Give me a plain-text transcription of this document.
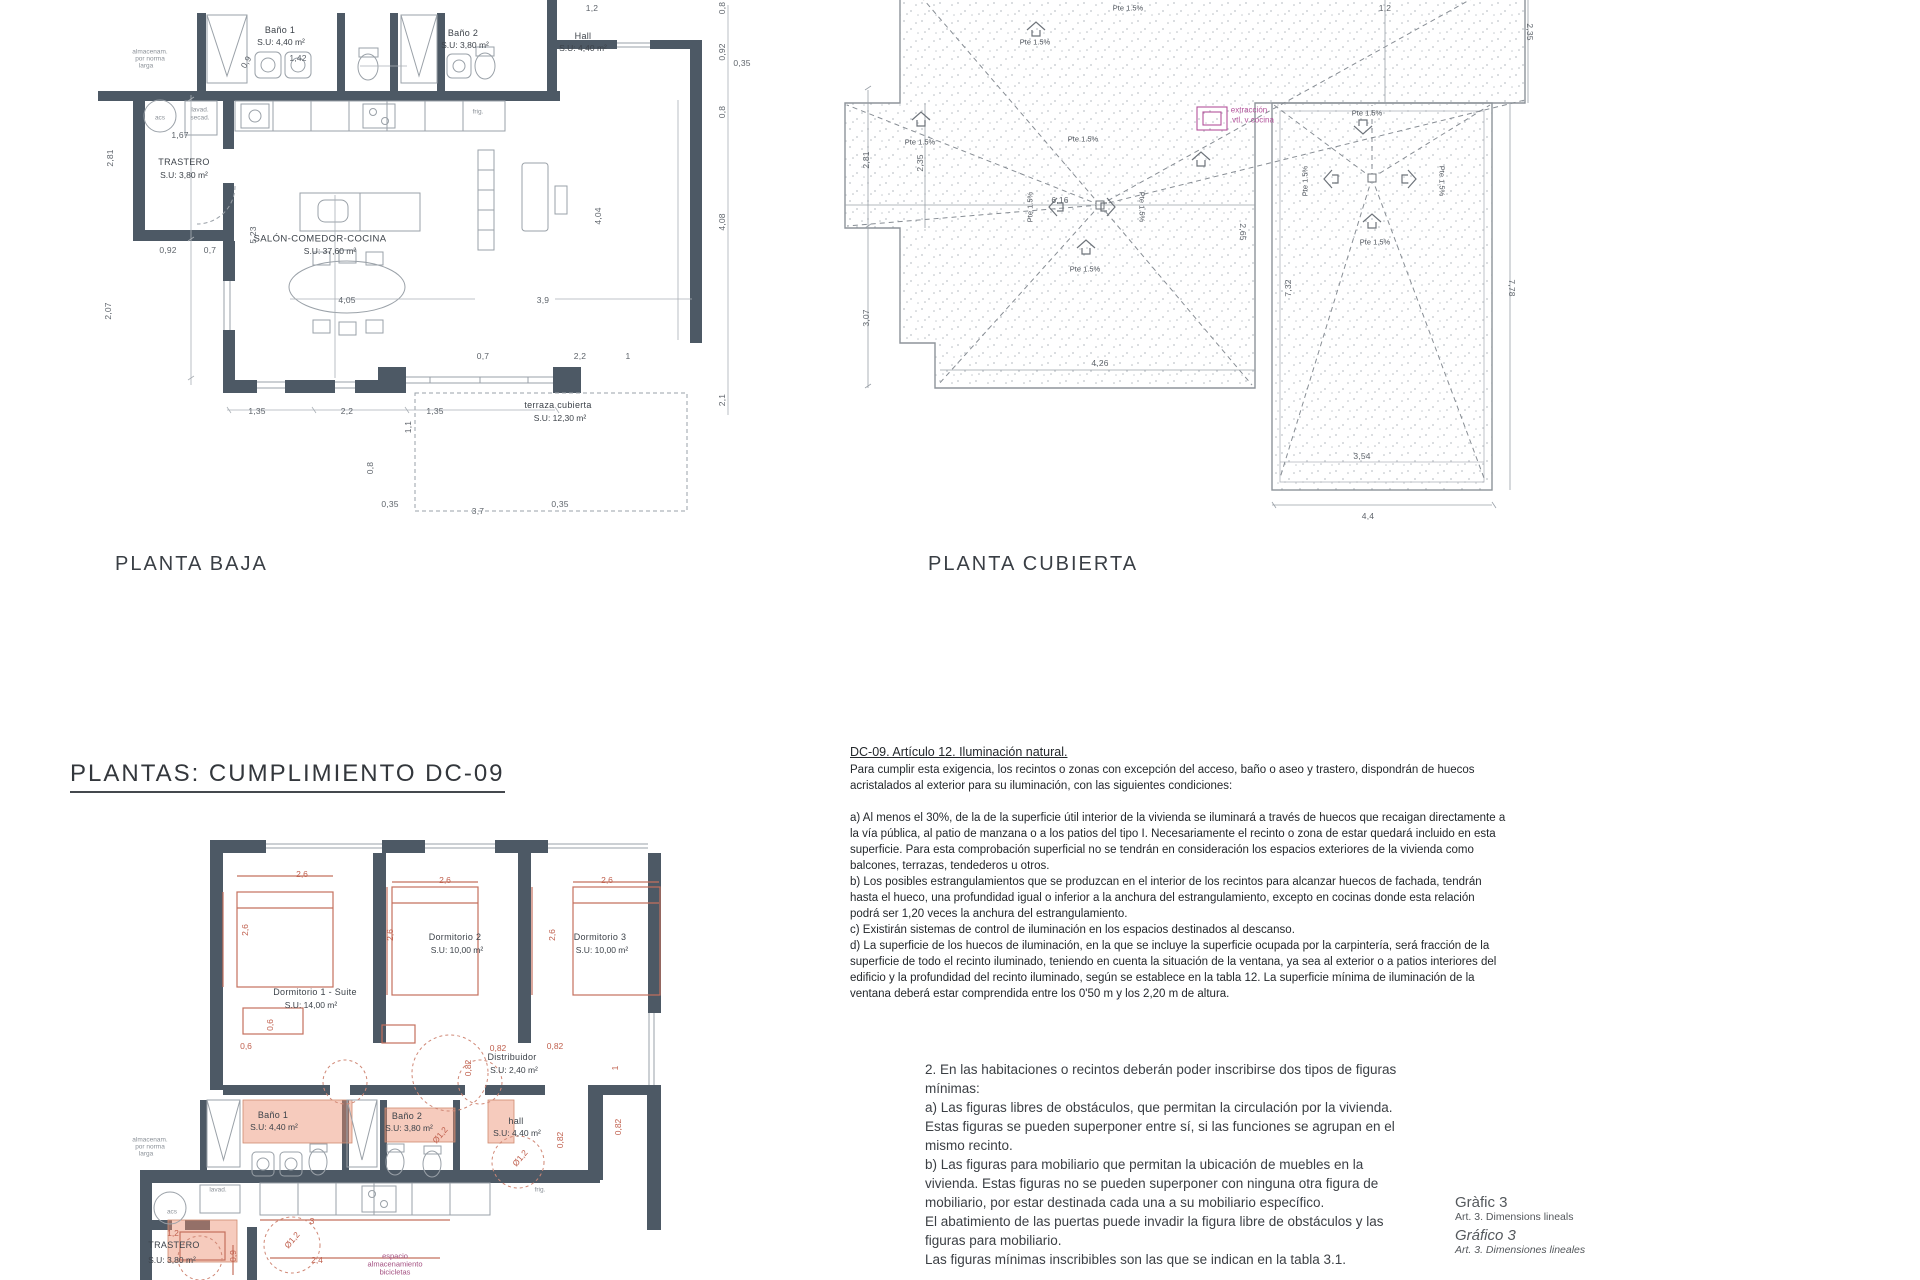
PLANTA BAJA	PLANTA CUBIERTA
PLANTAS: CUMPLIMIENTO DC-09

DC-09. Artículo 12. Iluminación natural.

Para cumplir esta exigencia, los recintos o zonas con excepción del acceso, baño o aseo y trastero, dispondrán de huecos acristalados al exterior para su iluminación, con las siguientes condiciones:

a) Al menos el 30%, de la de la superficie útil interior de la vivienda se iluminará a través de huecos que recaigan directamente a la vía pública, al patio de manzana o a los patios del tipo I. Necesariamente el recinto o zona de estar quedará incluido en esta superficie. Para esta comprobación superficial no se tendrán en consideración los espacios exteriores de la vivienda como balcones, terrazas, tendederos u otros.

b) Los posibles estrangulamientos que se produzcan en el interior de los recintos para alcanzar huecos de fachada, tendrán hasta el hueco, una profundidad igual o inferior a la anchura del estrangulamiento, excepto en cocinas donde esta relación podrá ser 1,20 veces la anchura del estrangulamiento.

c) Existirán sistemas de control de iluminación en los espacios destinados al descanso.

d) La superficie de los huecos de iluminación, en la que se incluye la superficie ocupada por la carpintería, será fracción de la superficie de todo el recinto iluminado, teniendo en cuenta la situación de la ventana, ya sea al exterior o a patios interiores del edificio y la profundidad del recinto iluminado, según se establece en la tabla 12. La superficie mínima de iluminación de la ventana deberá estar comprendida entre los 0'50 m y los 2,20 m de altura.

2. En las habitaciones o recintos deberán poder inscribirse dos tipos de figuras mínimas:

a) Las figuras libres de obstáculos, que permitan la circulación por la vivienda. Estas figuras se pueden superponer entre sí, si las funciones se agrupan en el mismo recinto.

b) Las figuras para mobiliario que permitan la ubicación de muebles en la vivienda. Estas figuras no se pueden superponer con ninguna otra figura de mobiliario, por estar destinada cada una a su mobiliario específico.

El abatimiento de las puertas puede invadir la figura libre de obstáculos y las figuras para mobiliario.

Las figuras mínimas inscribibles son las que se indican en la tabla 3.1.

Gràfic 3

Art. 3. Dimensions lineals

Gráfico 3

Art. 3. Dimensiones lineales

Baño 1
S.U: 4,40 m²
Baño 2
S.U: 3,80 m²
Hall
S.U: 4,40 m²
TRASTERO
S.U: 3,80 m²
SALÓN-COMEDOR-COCINA
S.U: 37,60 m²
terraza cubierta
S.U: 12,30 m²
almacenam.
por norma
larga
lavad.
secad.
acs
frig.
1,42
0,9
1,2
1,67
2,81
2,07
0,92	0,7
5,23
4,05	3,9
4,04
0,7	2,2	1
1,35	2,2	1,35
1,1
0,8
0,35
3,7
0,35
0,8
0,92
0,35
0,8
4,08
2,1
Pte 1.5%
Pte 1.5%	Pte 1.5%
Pte 1.5%	Pte 1.5%
Pte 1.5%
Pte 1.5%
Pte 1.5%
Pte 1.5%	Pte 1.5%
Pte 1.5%
extracción
vtl. v cocina
6,16
4,26
2,35
2,81
3,07
2,65
7,32	7,78
2,35
3,54
4,4
1,2
Dormitorio 1 - Suite
S.U: 14,00 m²
Dormitorio 2
S.U: 10,00 m²
Dormitorio 3
S.U: 10,00 m²
Distribuidor
S.U: 2,40 m²
Baño 1
S.U: 4,40 m²
Baño 2
S.U: 3,80 m²
hall
S.U: 4,40 m²
TRASTERO
S.U: 3,80 m²	espacio
almacenamiento
bicicletas
almacenam.
por norma
larga
lavad.
acs
frig.
2,6
2,6
2,6
2,6
2,6
2,6
0,6
0,6	0,82	0,82
0,82
0,82
0,82
1
Ø1,2
Ø1,2
Ø1,2
3
2,4
0,9
1,2
